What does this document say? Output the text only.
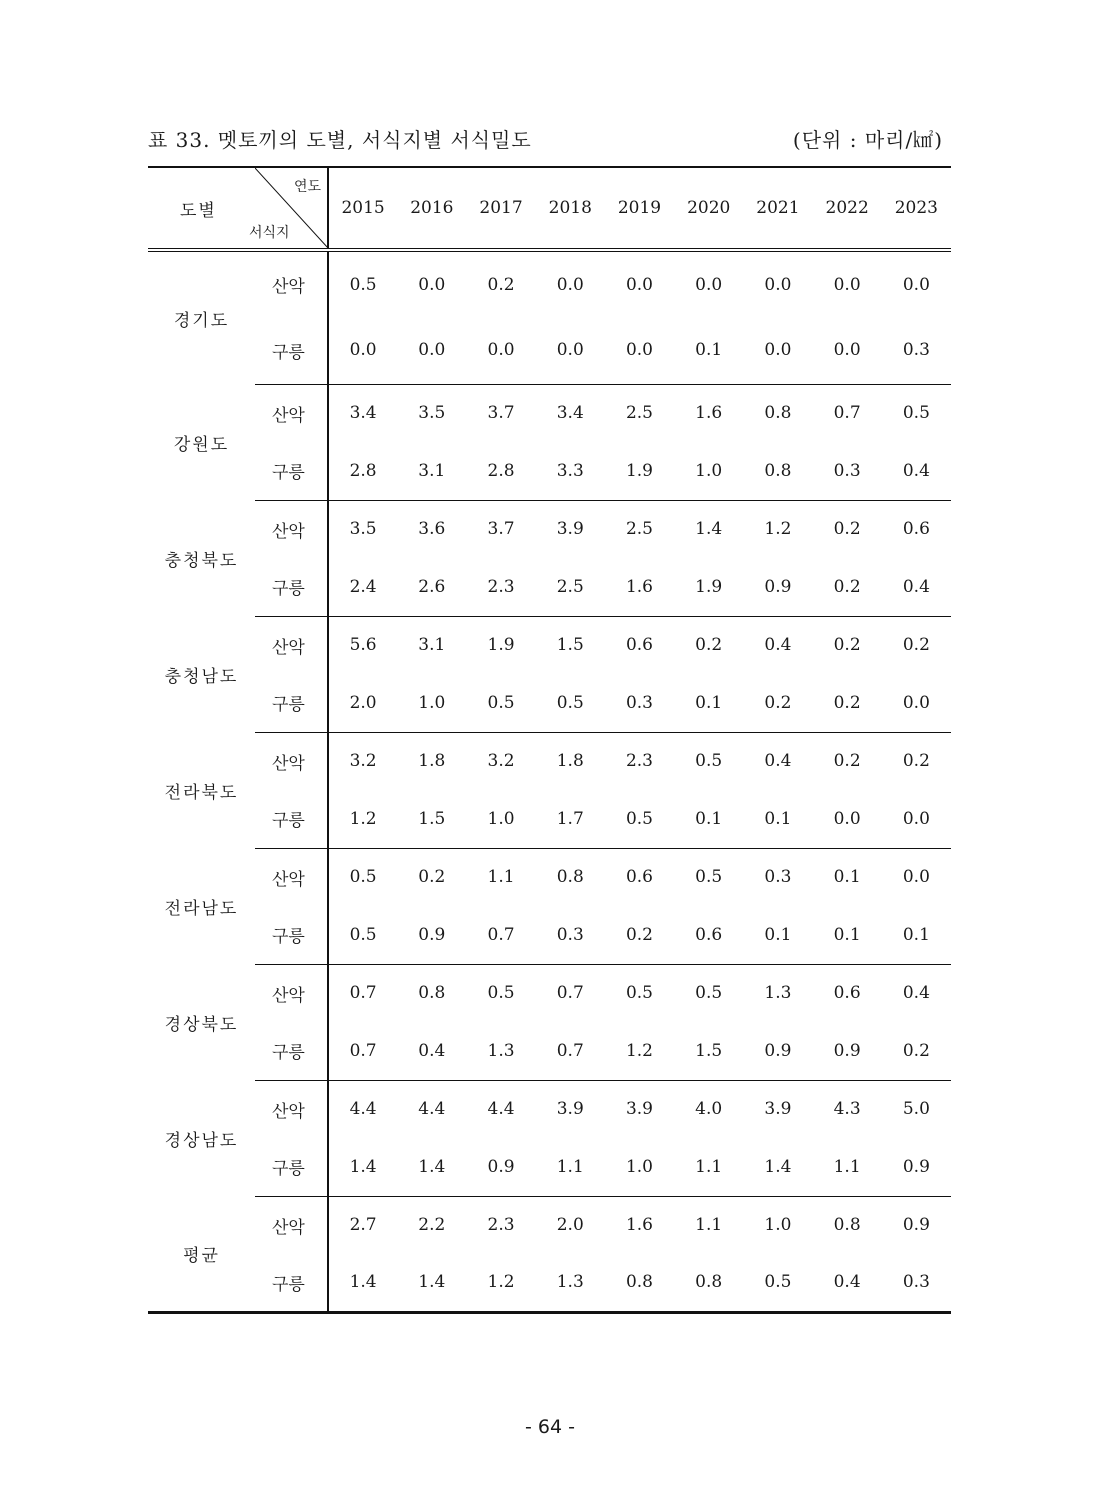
표 33. 멧토끼의 도별, 서식지별 서식밀도	(단위 : 마리/㎢)
도별	연도
서식지	2015	2016	2017	2018	2019	2020	2021	2022	2023
경기도	산악	0.5	0.0	0.2	0.0	0.0	0.0	0.0	0.0	0.0
	구릉	0.0	0.0	0.0	0.0	0.0	0.1	0.0	0.0	0.3
강원도	산악	3.4	3.5	3.7	3.4	2.5	1.6	0.8	0.7	0.5
	구릉	2.8	3.1	2.8	3.3	1.9	1.0	0.8	0.3	0.4
충청북도	산악	3.5	3.6	3.7	3.9	2.5	1.4	1.2	0.2	0.6
	구릉	2.4	2.6	2.3	2.5	1.6	1.9	0.9	0.2	0.4
충청남도	산악	5.6	3.1	1.9	1.5	0.6	0.2	0.4	0.2	0.2
	구릉	2.0	1.0	0.5	0.5	0.3	0.1	0.2	0.2	0.0
전라북도	산악	3.2	1.8	3.2	1.8	2.3	0.5	0.4	0.2	0.2
	구릉	1.2	1.5	1.0	1.7	0.5	0.1	0.1	0.0	0.0
전라남도	산악	0.5	0.2	1.1	0.8	0.6	0.5	0.3	0.1	0.0
	구릉	0.5	0.9	0.7	0.3	0.2	0.6	0.1	0.1	0.1
경상북도	산악	0.7	0.8	0.5	0.7	0.5	0.5	1.3	0.6	0.4
	구릉	0.7	0.4	1.3	0.7	1.2	1.5	0.9	0.9	0.2
경상남도	산악	4.4	4.4	4.4	3.9	3.9	4.0	3.9	4.3	5.0
	구릉	1.4	1.4	0.9	1.1	1.0	1.1	1.4	1.1	0.9
평균	산악	2.7	2.2	2.3	2.0	1.6	1.1	1.0	0.8	0.9
	구릉	1.4	1.4	1.2	1.3	0.8	0.8	0.5	0.4	0.3
- 64 -
